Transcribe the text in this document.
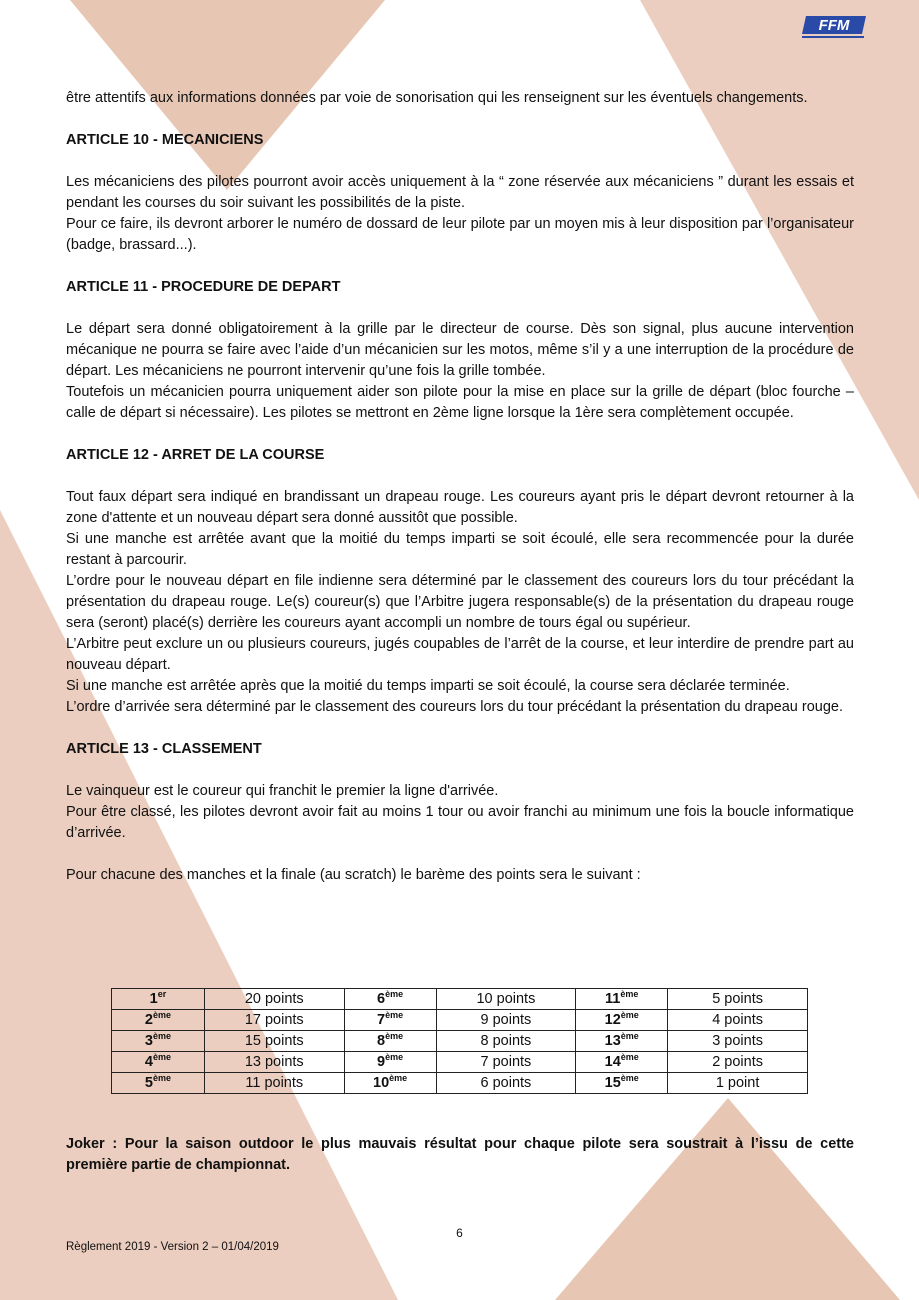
FFM

être attentifs aux informations données par voie de sonorisation qui les renseignent sur les éventuels changements.

ARTICLE 10 - MECANICIENS

Les mécaniciens des pilotes pourront avoir accès uniquement à la “ zone réservée aux mécaniciens ” durant les essais et pendant les courses du soir suivant les possibilités de la piste.

Pour ce faire, ils devront arborer le numéro de dossard de leur pilote par un moyen mis à leur disposition par l’organisateur (badge, brassard...).

ARTICLE 11 - PROCEDURE DE DEPART

Le départ sera donné obligatoirement à la grille par le directeur de course. Dès son signal, plus aucune intervention mécanique ne pourra se faire avec l’aide d’un mécanicien sur les motos, même s’il y a une interruption de la procédure de départ. Les mécaniciens ne pourront intervenir qu’une fois la grille tombée.

Toutefois un mécanicien pourra uniquement aider son pilote pour la mise en place sur la grille de départ (bloc fourche – calle de départ si nécessaire). Les pilotes se mettront en 2ème ligne lorsque la 1ère sera complètement occupée.

ARTICLE 12 - ARRET DE LA COURSE

Tout faux départ sera indiqué en brandissant un drapeau rouge. Les coureurs ayant pris le départ devront retourner à la zone d'attente et un nouveau départ sera donné aussitôt que possible.

Si une manche est arrêtée avant que la moitié du temps imparti se soit écoulé, elle sera recommencée pour la durée restant à parcourir.

L’ordre pour le nouveau départ en file indienne sera déterminé par le classement des coureurs lors du tour précédant la présentation du drapeau rouge. Le(s) coureur(s) que l’Arbitre jugera responsable(s) de la présentation du drapeau rouge sera (seront) placé(s) derrière les coureurs ayant accompli un nombre de tours égal ou supérieur.

L’Arbitre peut exclure un ou plusieurs coureurs, jugés coupables de l’arrêt de la course, et leur interdire de prendre part au nouveau départ.

Si une manche est arrêtée après que la moitié du temps imparti se soit écoulé, la course sera déclarée terminée.

L’ordre d’arrivée sera déterminé par le classement des coureurs lors du tour précédant la présentation du drapeau rouge.

ARTICLE 13 - CLASSEMENT

Le vainqueur est le coureur qui franchit le premier la ligne d'arrivée.

Pour être classé, les pilotes devront avoir fait au moins 1 tour ou avoir franchi au minimum une fois la boucle informatique d’arrivée.

Pour chacune des manches et la finale (au scratch) le barème des points sera le suivant :

1er	20 points	6ème	10 points	11ème	5 points
2ème	17 points	7ème	9 points	12ème	4 points
3ème	15 points	8ème	8 points	13ème	3 points
4ème	13 points	9ème	7 points	14ème	2 points
5ème	11 points	10ème	6 points	15ème	1 point

Joker : Pour la saison outdoor le plus mauvais résultat pour chaque pilote sera soustrait à l’issu de cette première partie de championnat.

6
Règlement 2019 - Version 2 – 01/04/2019
